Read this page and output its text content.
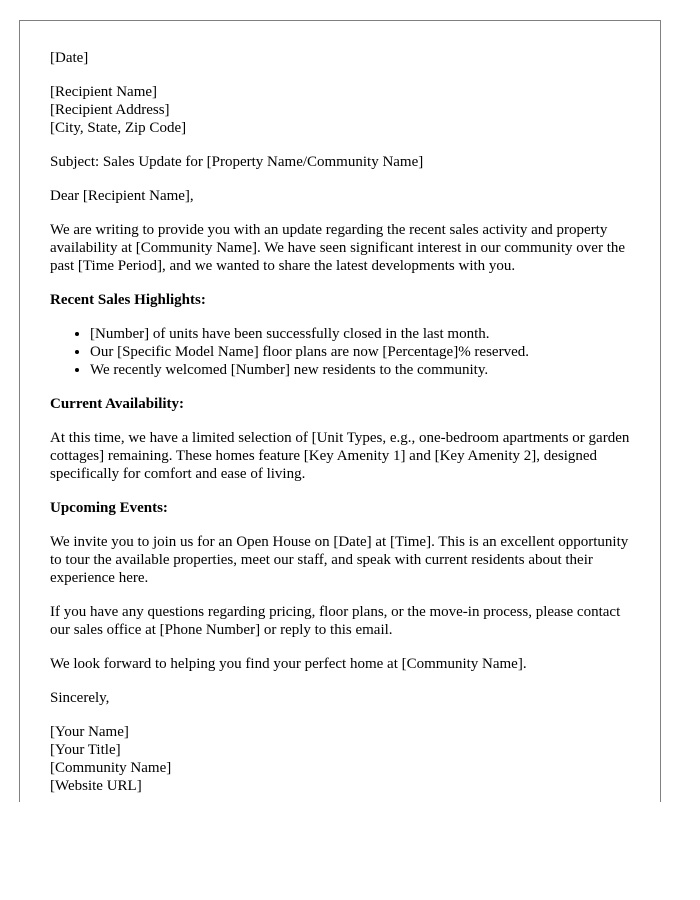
[Date]

[Recipient Name]
[Recipient Address]
[City, State, Zip Code]

Subject: Sales Update for [Property Name/Community Name]

Dear [Recipient Name],

We are writing to provide you with an update regarding the recent sales activity and property availability at [Community Name]. We have seen significant interest in our community over the past [Time Period], and we wanted to share the latest developments with you.

Recent Sales Highlights:

• [Number] of units have been successfully closed in the last month.
• Our [Specific Model Name] floor plans are now [Percentage]% reserved.
• We recently welcomed [Number] new residents to the community.

Current Availability:

At this time, we have a limited selection of [Unit Types, e.g., one-bedroom apartments or garden cottages] remaining. These homes feature [Key Amenity 1] and [Key Amenity 2], designed specifically for comfort and ease of living.

Upcoming Events:

We invite you to join us for an Open House on [Date] at [Time]. This is an excellent opportunity to tour the available properties, meet our staff, and speak with current residents about their experience here.

If you have any questions regarding pricing, floor plans, or the move-in process, please contact our sales office at [Phone Number] or reply to this email.

We look forward to helping you find your perfect home at [Community Name].

Sincerely,

[Your Name]
[Your Title]
[Community Name]
[Website URL]
